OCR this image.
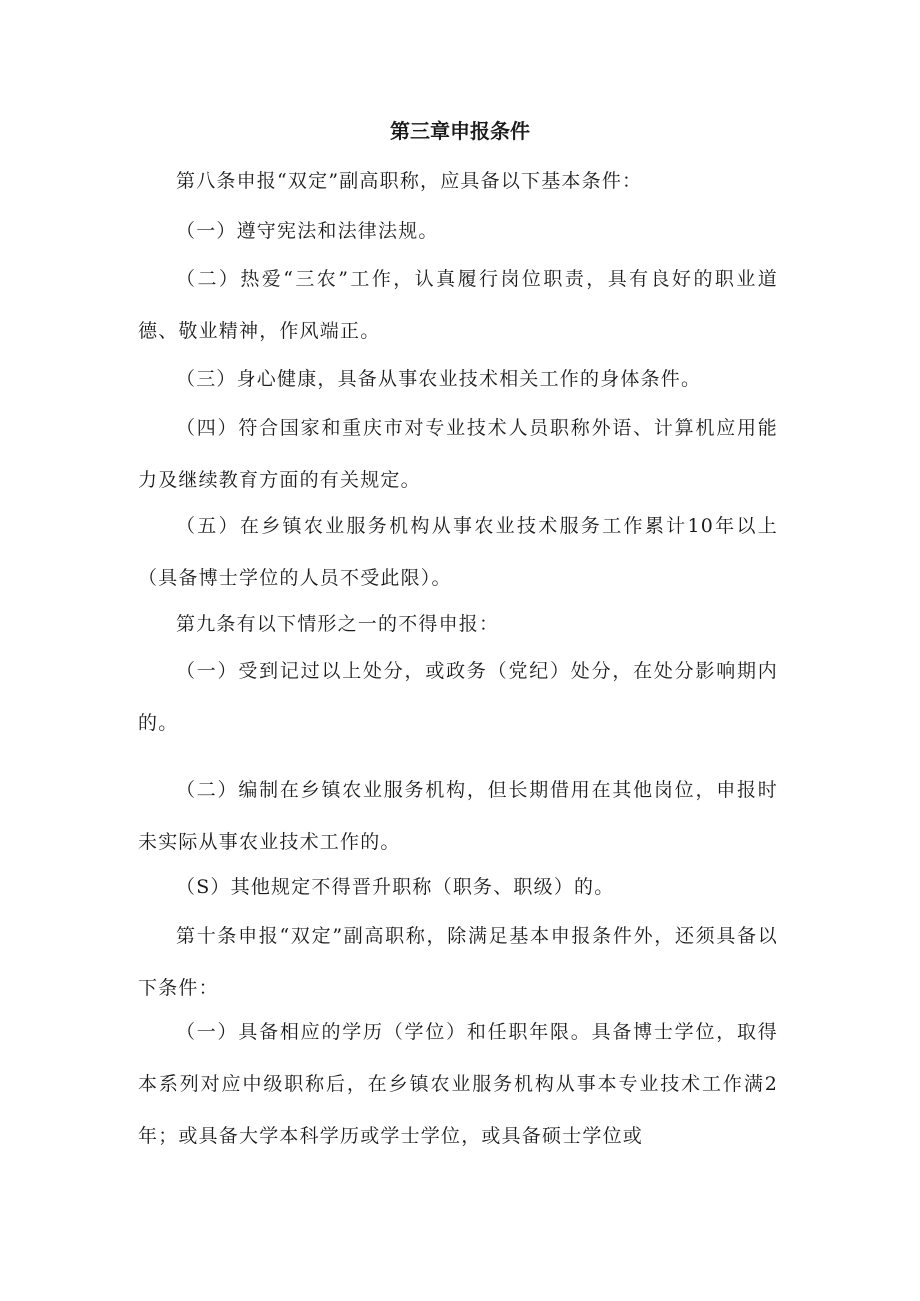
第三章申报条件

第八条申报“双定”副高职称，应具备以下基本条件：

（一）遵守宪法和法律法规。

（二）热爱“三农”工作，认真履行岗位职责，具有良好的职业道德、敬业精神，作风端正。

（三）身心健康，具备从事农业技术相关工作的身体条件。

（四）符合国家和重庆市对专业技术人员职称外语、计算机应用能力及继续教育方面的有关规定。

（五）在乡镇农业服务机构从事农业技术服务工作累计10年以上（具备博士学位的人员不受此限）。

第九条有以下情形之一的不得申报：

（一）受到记过以上处分，或政务（党纪）处分，在处分影响期内的。

（二）编制在乡镇农业服务机构，但长期借用在其他岗位，申报时未实际从事农业技术工作的。

（S）其他规定不得晋升职称（职务、职级）的。

第十条申报“双定”副高职称，除满足基本申报条件外，还须具备以下条件：

（一）具备相应的学历（学位）和任职年限。具备博士学位，取得本系列对应中级职称后，在乡镇农业服务机构从事本专业技术工作满2年；或具备大学本科学历或学士学位，或具备硕士学位或
